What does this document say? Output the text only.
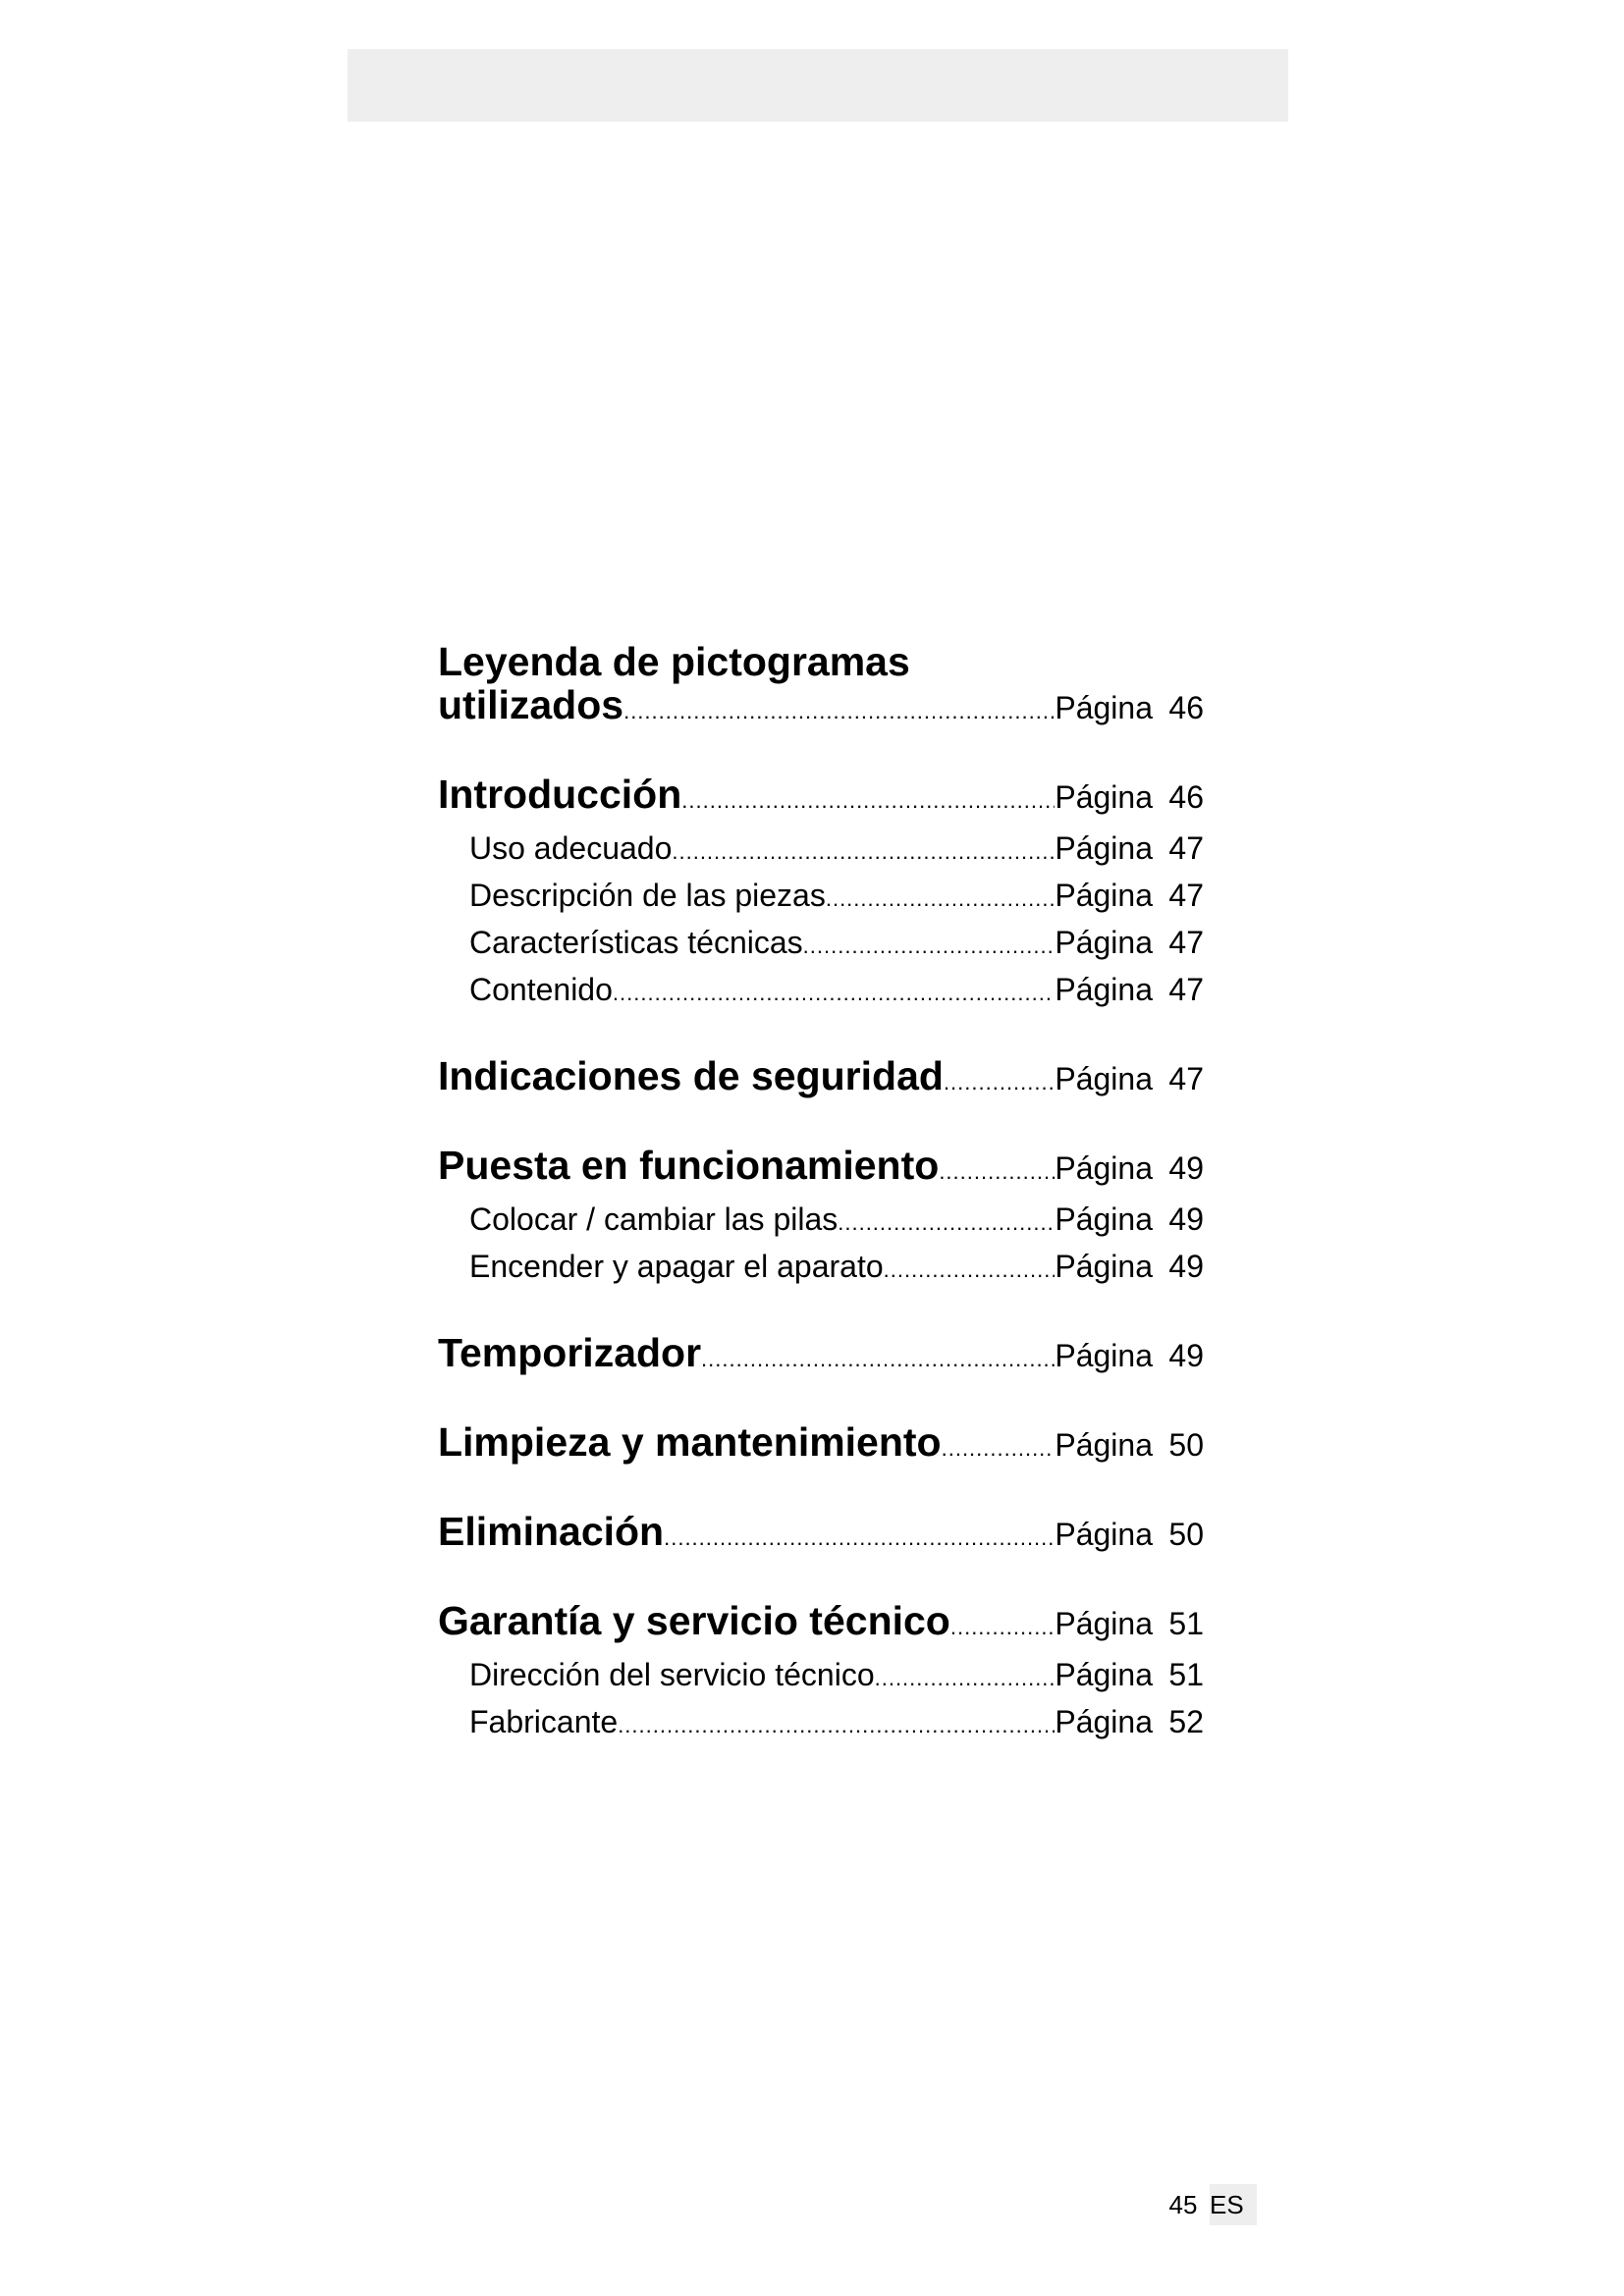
Leyenda de pictogramas
utilizados .....	Página 46
Introducción .....	Página 46
Uso adecuado .....	Página 47
Descripción de las piezas .....	Página 47
Características técnicas .....	Página 47
Contenido .....	Página 47
Indicaciones de seguridad .....	Página 47
Puesta en funcionamiento .....	Página 49
Colocar / cambiar las pilas .....	Página 49
Encender y apagar el aparato .....	Página 49
Temporizador .....	Página 49
Limpieza y mantenimiento .....	Página 50
Eliminación .....	Página 50
Garantía y servicio técnico .....	Página 51
Dirección del servicio técnico .....	Página 51
Fabricante .....	Página 52
45 ES
